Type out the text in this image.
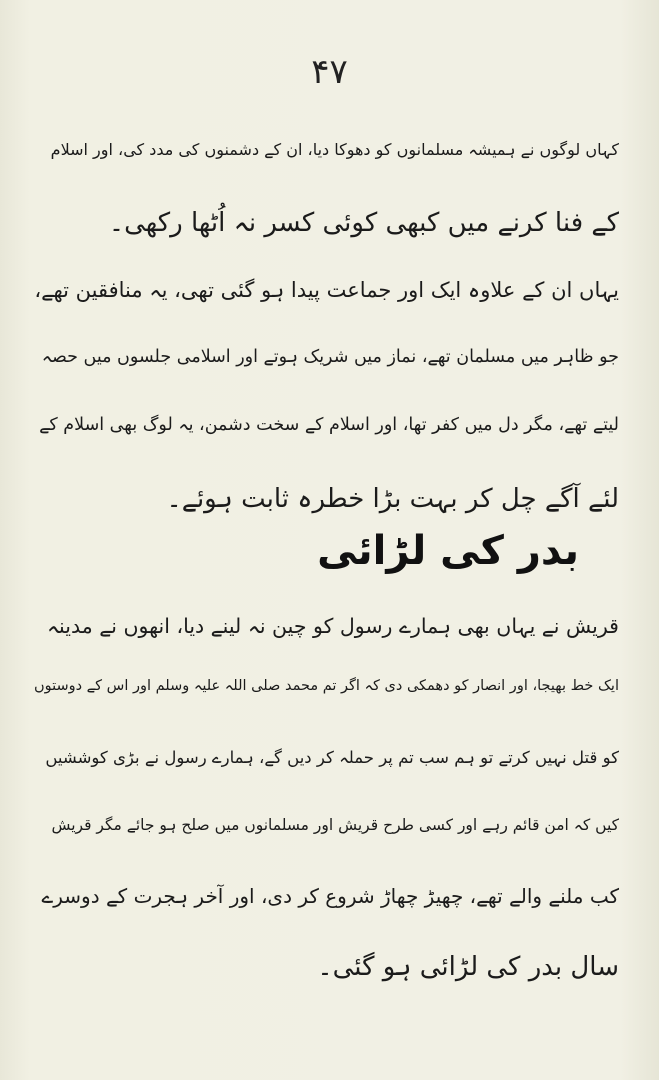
۴۷
کہاں لوگوں نے ہمیشہ مسلمانوں کو دھوکا دیا، ان کے دشمنوں کی مدد کی، اور اسلام
کے فنا کرنے میں کبھی کوئی کسر نہ اُٹھا رکھی۔
یہاں ان کے علاوہ ایک اور جماعت پیدا ہو گئی تھی، یہ منافقین تھے،
جو ظاہر میں مسلمان تھے، نماز میں شریک ہوتے اور اسلامی جلسوں میں حصہ
لیتے تھے، مگر دل میں کفر تھا، اور اسلام کے سخت دشمن، یہ لوگ بھی اسلام کے
لئے آگے چل کر بہت بڑا خطرہ ثابت ہوئے۔
بدر کی لڑائی
قریش نے یہاں بھی ہمارے رسول کو چین نہ لینے دیا، انھوں نے مدینہ
ایک خط بھیجا، اور انصار کو دھمکی دی کہ اگر تم محمد صلی اللہ علیہ وسلم اور اس کے دوستوں
کو قتل نہیں کرتے تو ہم سب تم پر حملہ کر دیں گے، ہمارے رسول نے بڑی کوششیں
کیں کہ امن قائم رہے اور کسی طرح قریش اور مسلمانوں میں صلح ہو جائے مگر قریش
کب ملنے والے تھے، چھیڑ چھاڑ شروع کر دی، اور آخر ہجرت کے دوسرے
سال بدر کی لڑائی ہو گئی۔
